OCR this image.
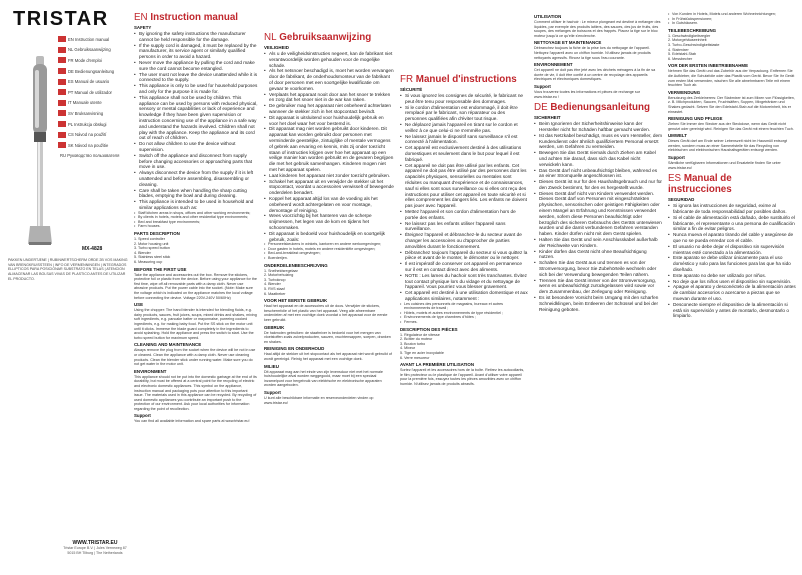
TRISTAR
EN Instruction manual
NL Gebruiksaanwijzing
FR Mode d'emploi
DE Bedienungsanleitung
ES Manual de usuario
PT Manual de utilizador
IT Manuale utente
SV Bruksanvisning
PL Instrukcja obsługi
CS Návod na použití
SK Návod na použitie
RU Руководство пользователя
MX-4828
PAKKEN UNDERTÆNE | RUBINWERTSCHERM ORDE 2B VOS MAKING VAN BRENGKRUISSTEEN | INFO DE VERMENNINGEN | INTEGRADOS ELLIPTICOS PARA POSICIONAR SUBSTRATO EN TELAS | ATENCION ALMACENAR LAS BOLSAS VIVAS DE PLASTICO ANTES DE UTILIZAR EL PRODUCTO.
WWW.TRISTAR.EU
Tristar Europe B.V. | Jules Verneweg 87
5015 BH Tilburg | The Netherlands
EN Instruction manual
SAFETY
• By ignoring the safety instructions the manufacturer cannot be held responsible for the damage.
• If the supply cord is damaged, it must be replaced by the manufacturer, its service agent or similarly qualified persons in order to avoid a hazard.
• Never move the appliance by pulling the cord and make sure the cord cannot become entangled.
• The user must not leave the device unattended while it is connected to the supply.
• This appliance is only to be used for household purposes and only for the purpose it is made for.
• This appliance shall not be used by children. This appliance can be used by persons with reduced physical, sensory or mental capabilities or lack of experience and knowledge if they have been given supervision or instruction concerning use of the appliance in a safe way and understand the hazards involved. Children shall not play with the appliance. Keep the appliance and its cord out of reach of children.
• Do not allow children to use the device without supervision.
• Switch off the appliance and disconnect from supply before changing accessories or approaching parts that move in use.
• Always disconnect the device from the supply if it is left unattended and before assembling, disassembling or cleaning.
• Care shall be taken when handling the sharp cutting blades, emptying the bowl and during cleaning.
• This appliance is intended to be used in household and similar applications such as:
• Staff kitchen areas in shops, offices and other working environments;
• By clients in hotels, motels and other residential type environments;
• Bed and breakfast type environments;
• Farm houses.
PARTS DESCRIPTION
1. Speed controller
2. Motor housing unit
3. Turbo speed button
4. Blender
5. Stainless steel stick
6. Measuring cup
BEFORE THE FIRST USE
Take the appliance and accessories out the box. Remove the stickers, protective foil or plastic from the device. Before using your appliance for the first time, wipe off all removable parts with a damp cloth. Never use abrasive products. Put the power cable into the socket. (Note: Make sure the voltage which is indicated on the appliance matches the local voltage before connecting the device. Voltage 220V-240V 50/60Hz)
USE
Using the chopper: The hand blender is intended for blending fluids, e.g. dairy products, sauces, fruit juices, soups, mixed drinks and shakes, mixing soft ingredients, e.g. pancake batter or mayonnaise, pureeing cooked ingredients, e.g. for making baby food. Put the SS stick on the motor unit until it clicks. Immerse the blade guard completely in the ingredients to avoid splashing. Hold the appliance and press the switch to start. Use the turbo speed button for maximum speed.
CLEANING AND MAINTENANCE
Always remove the plug from the socket when the device will be not in use or cleaned. Clean the appliance with a damp cloth. Never use cleaning products. Clean the blender stick under running water. Make sure you do not get water in the motor unit.
ENVIRONMENT
This appliance should not be put into the domestic garbage at the end of its durability, but must be offered at a central point for the recycling of electric and electronic domestic appliances. This symbol on the appliance, instruction manual and packaging puts your attention to this important issue. The materials used in this appliance can be recycled. By recycling of used domestic appliances you contribute an important push to the protection of our environment. Ask your local authorities for information regarding the point of recollection.
Support
You can find all available information and spare parts at www.tristar.eu!
NL Gebruiksaanwijzing
VEILIGHEID
• Als u de veiligheidsinstructies negeert, kan de fabrikant niet verantwoordelijk worden gehouden voor de mogelijke schade.
• Als het netsnoer beschadigd is, moet het worden vervangen door de fabrikant, de onderhoudsmonteur van de fabrikant of door personen met een soortgelijke kwalificatie om gevaar te voorkomen.
• Verplaats het apparaat nooit door aan het snoer te trekken en zorg dat het snoer niet in de war kan raken.
• De gebruiker mag het apparaat niet onbeheerd achterlaten wanneer de stekker zich in het stopcontact bevindt.
• Dit apparaat is uitsluitend voor huishoudelijk gebruik en voor het doel waar het voor bestemd is.
• Dit apparaat mag niet worden gebruikt door kinderen. Dit apparaat kan worden gebruikt door personen met verminderde geestelijke, zintuiglijke of mentale vermogens of gebrek aan ervaring en kennis, mits zij onder toezicht staan of instructies krijgen over hoe het apparaat op een veilige manier kan worden gebruikt en de gevaren begrijpen die met het gebruik samenhangen. Kinderen mogen niet met het apparaat spelen.
• Laat kinderen het apparaat niet zonder toezicht gebruiken.
• Schakel het apparaat uit en verwijder de stekker uit het stopcontact, voordat u accessoires verwisselt of bewegende onderdelen benadert.
• Koppel het apparaat altijd los van de voeding als het onbeheerd wordt achtergelaten en voor montage, demontage of reiniging.
• Wees voorzichtig bij het hanteren van de scherpe snijmessen, het legen van de kom en tijdens het schoonmaken.
• Dit apparaat is bedoeld voor huishoudelijk en soortgelijk gebruik, zoals:
• Personeelskeukens in winkels, kantoren en andere werkomgevingen;
• Door gasten in hotels, motels en andere residentiële omgevingen;
• Bed-and-breakfast omgevingen;
• Boerderijen.
ONDERDELENBESCHRIJVING
1. Snelheidsregelaar
2. Motorbehuizing
3. Turboknop
4. Blender
5. RVS staaf
6. Maatbeker
VOOR HET EERSTE GEBRUIK
Haal het apparaat en de accessoires uit de doos. Verwijder de stickers, beschermfolie of het plastic van het apparaat. Veeg alle afneembare onderdelen af met een vochtige doek voordat u het apparaat voor de eerste keer gebruikt.
GEBRUIK
De hakmolen gebruiken: de staafmixer is bedoeld voor het mengen van vloeistoffen zoals zuivelproducten, sauzen, vruchtensappen, soepen, dranken en shakes.
REINIGING EN ONDERHOUD
Haal altijd de stekker uit het stopcontact als het apparaat niet wordt gebruikt of wordt gereinigd. Reinig het apparaat met een vochtige doek.
MILIEU
Dit apparaat mag aan het einde van zijn levensduur niet met het normale huishoudelijke afval worden weggegooid, maar moet bij een speciaal inzamelpunt voor hergebruik van elektrische en elektronische apparaten worden aangeboden.
Support
U kunt alle beschikbare informatie en reserveonderdelen vinden op www.tristar.eu!
FR Manuel d'instructions
SÉCURITÉ
• Si vous ignorez les consignes de sécurité, le fabricant ne peut être tenu pour responsable des dommages.
• Si le cordon d'alimentation est endommagé, il doit être remplacé par le fabricant, son réparateur ou des personnes qualifiées afin d'éviter tout risque.
• Ne déplacez jamais l'appareil en tirant sur le cordon et veillez à ce que celui-ci ne s'emmêle pas.
• Ne laissez jamais le dispositif sans surveillance s'il est connecté à l'alimentation.
• Cet appareil est exclusivement destiné à des utilisations domestiques et seulement dans le but pour lequel il est fabriqué.
• Cet appareil ne doit pas être utilisé par les enfants. Cet appareil ne doit pas être utilisé par des personnes dont les capacités physiques, sensorielles ou mentales sont réduites ou manquant d'expérience et de connaissances, sauf si elles sont sous surveillance ou si elles ont reçu des instructions pour utiliser cet appareil en toute sécurité et si elles comprennent les dangers liés. Les enfants ne doivent pas jouer avec l'appareil.
• Mettez l'appareil et son cordon d'alimentation hors de portée des enfants.
• Ne laissez pas les enfants utiliser l'appareil sans surveillance.
• Éteignez l'appareil et débranchez-le du secteur avant de changer les accessoires ou d'approcher de parties amovibles durant le fonctionnement.
• Débranchez toujours l'appareil du secteur si vous quittez la pièce et avant de le monter, le démonter ou le nettoyer.
• Il est impératif de conserver cet appareil en permanence sur il est en contact direct avec des aliments.
• NOTE : Les lames du hachoir sont très tranchantes. Évitez tout contact physique lors du vidage et du nettoyage de l'appareil. Vous pourriez vous blesser gravement.
• Cet appareil est destiné à une utilisation domestique et aux applications similaires, notamment :
• Les cuisines des personnels de magasins, bureaux et autres environnements de travail ;
• Hôtels, motels et autres environnements de type résidentiel ;
• Environnements de type chambres d'hôtes ;
• Fermes.
DESCRIPTION DES PIÈCES
1. Régulateur de vitesse
2. Boîtier du moteur
3. Bouton turbo
4. Mixeur
5. Tige en acier inoxydable
6. Verre mesureur
AVANT LA PREMIÈRE UTILISATION
Sortez l'appareil et les accessoires hors de la boîte. Retirez les autocollants, le film protecteur ou le plastique de l'appareil. Avant d'utiliser votre appareil pour la première fois, essuyez toutes les pièces amovibles avec un chiffon humide. N'utilisez jamais de produits abrasifs.
UTILISATION
Comment utiliser le hachoir : Le mixeur plongeant est destiné à mélanger des liquides, par exemple des produits laitiers, des sauces, des jus de fruits, des soupes, des mélanges de boissons et des frappés. Placez la tige sur le bloc moteur jusqu'à ce qu'elle s'enclenche.
NETTOYAGE ET MAINTENANCE
Débranchez toujours la fiche de la prise lors du nettoyage de l'appareil. Nettoyez l'appareil avec un chiffon humide. N'utilisez jamais de produits nettoyants agressifs. Rincez la tige sous l'eau courante.
ENVIRONNEMENT
Cet appareil ne doit pas être jeté avec les déchets ménagers à la fin de sa durée de vie, il doit être confié à un centre de recyclage des appareils électriques et électroniques domestiques.
Support
Vous trouverez toutes les informations et pièces de rechange sur www.tristar.eu !
DE Bedienungsanleitung
SICHERHEIT
• Beim Ignorieren der Sicherheitshinweise kann der Hersteller nicht für Schäden haftbar gemacht werden.
• Ist das Netzkabel beschädigt, muss es vom Hersteller, dem Kundendienst oder ähnlich qualifiziertem Personal ersetzt werden, um Gefahren zu vermeiden.
• Bewegen Sie das Gerät niemals durch Ziehen am Kabel und achten Sie darauf, dass sich das Kabel nicht verwickeln kann.
• Das Gerät darf nicht unbeaufsichtigt bleiben, während es an einer Stromquelle angeschlossen ist.
• Dieses Gerät ist nur für den Haushaltsgebrauch und nur für den Zweck bestimmt, für den es hergestellt wurde.
• Dieses Gerät darf nicht von Kindern verwendet werden. Dieses Gerät darf von Personen mit eingeschränkten physischen, sensorischen oder geistigen Fähigkeiten oder einem Mangel an Erfahrung und Kenntnissen verwendet werden, sofern diese Personen beaufsichtigt oder bezüglich des sicheren Gebrauchs des Geräts unterwiesen wurden und die damit verbundenen Gefahren verstanden haben. Kinder dürfen nicht mit dem Gerät spielen.
• Halten Sie das Gerät und sein Anschlusskabel außerhalb der Reichweite von Kindern.
• Kinder dürfen das Gerät nicht ohne Beaufsichtigung nutzen.
• Schalten Sie das Gerät aus und trennen es von der Stromversorgung, bevor Sie Zubehörteile wechseln oder sich bei der Verwendung bewegenden Teilen nähern.
• Trennen Sie das Gerät immer von der Stromversorgung, wenn es unbeaufsichtigt zurückgelassen wird sowie vor dem Zusammenbau, der Zerlegung oder Reinigung.
• Es ist besondere Vorsicht beim Umgang mit den scharfen Schneidklingen, beim Entleeren der Schüssel und bei der Reinigung geboten.
• Von Kunden in Hotels, Motels und anderen Wohneinrichtungen;
• In Frühstückspensionen;
• In Gutshäusern.
TEILEBESCHREIBUNG
1. Geschwindigkeitsregler
2. Motorgehäuseeinheit
3. Turbo-Geschwindigkeitstaste
4. Stabmixer
5. Edelstahl-Stab
6. Messbecher
VOR DER ERSTEN INBETRIEBNAHME
Nehmen Sie das Gerät und das Zubehör aus der Verpackung. Entfernen Sie die Aufkleber, die Schutzfolie oder das Plastik vom Gerät. Bevor Sie Ihr Gerät zum ersten Mal verwenden, wischen Sie alle abnehmbaren Teile mit einem feuchten Tuch ab.
VERWENDUNG
Benutzung des Zerkleinerers: Der Stabmixer ist zum Mixen von Flüssigkeiten, z. B. Milchprodukten, Saucen, Fruchtsäften, Suppen, Mixgetränken und Shakes gedacht. Setzen Sie den Edelstahl-Stab auf die Motoreinheit, bis er einrastet.
REINIGUNG UND PFLEGE
Ziehen Sie immer den Stecker aus der Steckdose, wenn das Gerät nicht genutzt oder gereinigt wird. Reinigen Sie das Gerät mit einem feuchten Tuch.
UMWELT
Dieses Gerät darf am Ende seiner Lebenszeit nicht im Hausmüll entsorgt werden, sondern muss an einer Sammelstelle für das Recycling von elektrischen und elektronischen Haushaltsgeräten entsorgt werden.
Support
Sämtliche verfügbaren Informationen und Ersatzteile finden Sie unter www.tristar.eu!
ES Manual de instrucciones
SEGURIDAD
• Si ignora las instrucciones de seguridad, exime al fabricante de toda responsabilidad por posibles daños.
• Si el cable de alimentación está dañado, debe sustituirlo el fabricante, el representante o una persona de cualificación similar a fin de evitar peligros.
• Nunca mueva el aparato tirando del cable y asegúrese de que no se pueda enredar con el cable.
• El usuario no debe dejar el dispositivo sin supervisión mientras esté conectado a la alimentación.
• Este aparato se debe utilizar únicamente para el uso doméstico y solo para las funciones para las que ha sido diseñado.
• Este aparato no debe ser utilizado por niños.
• No deje que los niños usen el dispositivo sin supervisión.
• Apague el aparato y desconéctelo de la alimentación antes de cambiar accesorios o acercarse a piezas que se muevan durante el uso.
• Desconecte siempre el dispositivo de la alimentación si está sin supervisión y antes de montarlo, desmontarlo o limpiarlo.
